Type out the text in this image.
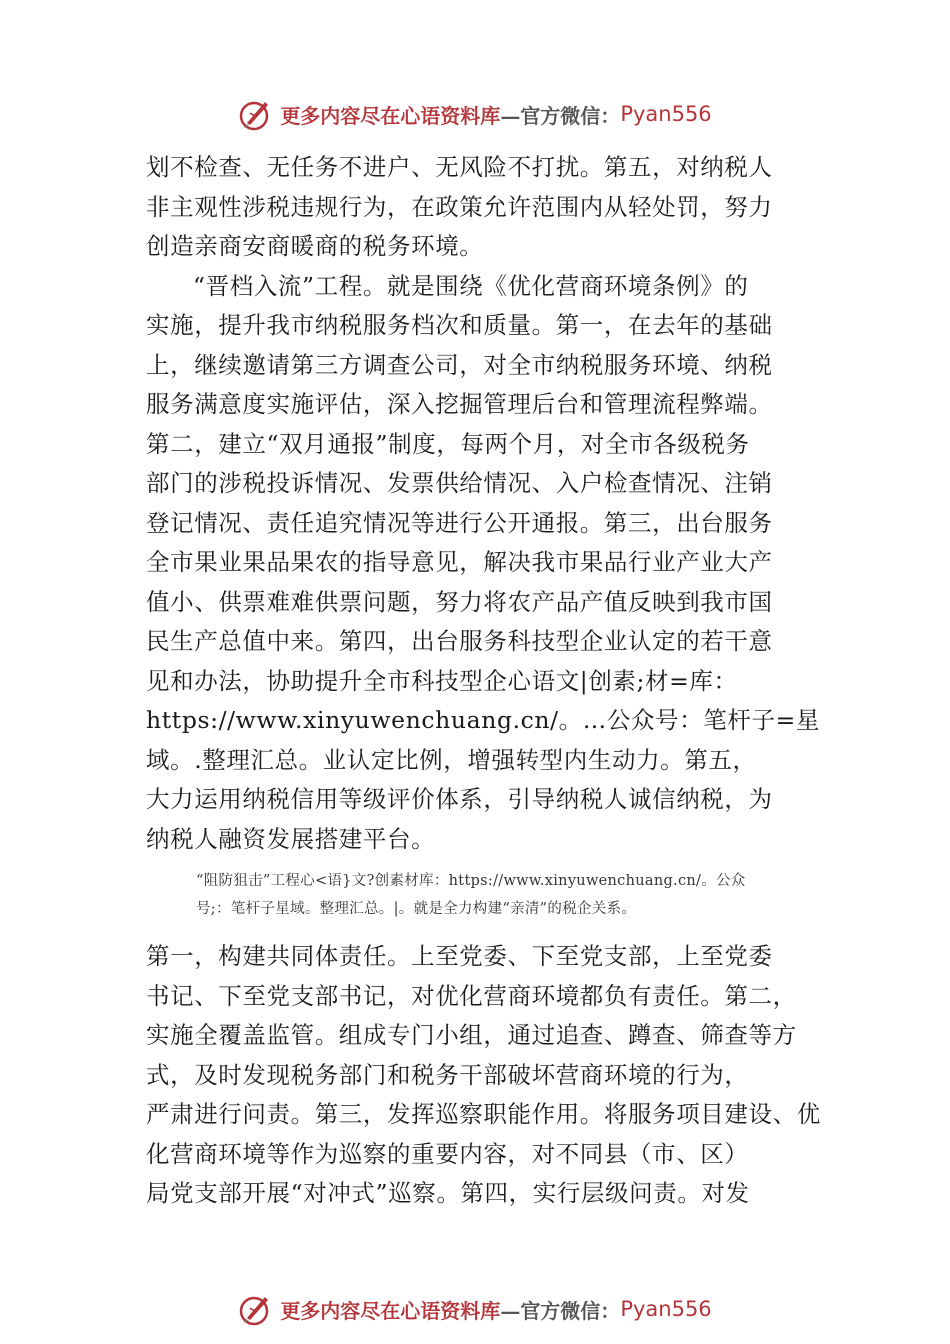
更多内容尽在心语资料库 —官方微信： Pyan556
划不检查、无任务不进户、无风险不打扰。第五，对纳税人
非主观性涉税违规行为，在政策允许范围内从轻处罚，努力
创造亲商安商暖商的税务环境。
“晋档入流”工程。就是围绕《优化营商环境条例》的
实施，提升我市纳税服务档次和质量。第一，在去年的基础
上，继续邀请第三方调查公司，对全市纳税服务环境、纳税
服务满意度实施评估，深入挖掘管理后台和管理流程弊端。
第二，建立“双月通报”制度，每两个月，对全市各级税务
部门的涉税投诉情况、发票供给情况、入户检查情况、注销
登记情况、责任追究情况等进行公开通报。第三，出台服务
全市果业果品果农的指导意见，解决我市果品行业产业大产
值小、供票难难供票问题，努力将农产品产值反映到我市国
民生产总值中来。第四，出台服务科技型企业认定的若干意
见和办法，协助提升全市科技型企心语文|创素;材=库：
https://www.xinyuwenchuang.cn/。…公众号：笔杆子=星
域。.整理汇总。业认定比例，增强转型内生动力。第五，
大力运用纳税信用等级评价体系，引导纳税人诚信纳税，为
纳税人融资发展搭建平台。
“阻防狙击”工程心<语}文?创素材库：https://www.xinyuwenchuang.cn/。公众
号;：笔杆子星域。整理汇总。|。就是全力构建“亲清”的税企关系。
第一，构建共同体责任。上至党委、下至党支部，上至党委
书记、下至党支部书记，对优化营商环境都负有责任。第二，
实施全覆盖监管。组成专门小组，通过追查、蹲查、筛查等方
式，及时发现税务部门和税务干部破坏营商环境的行为，
严肃进行问责。第三，发挥巡察职能作用。将服务项目建设、优
化营商环境等作为巡察的重要内容，对不同县（市、区）
局党支部开展“对冲式”巡察。第四，实行层级问责。对发
更多内容尽在心语资料库 —官方微信： Pyan556
